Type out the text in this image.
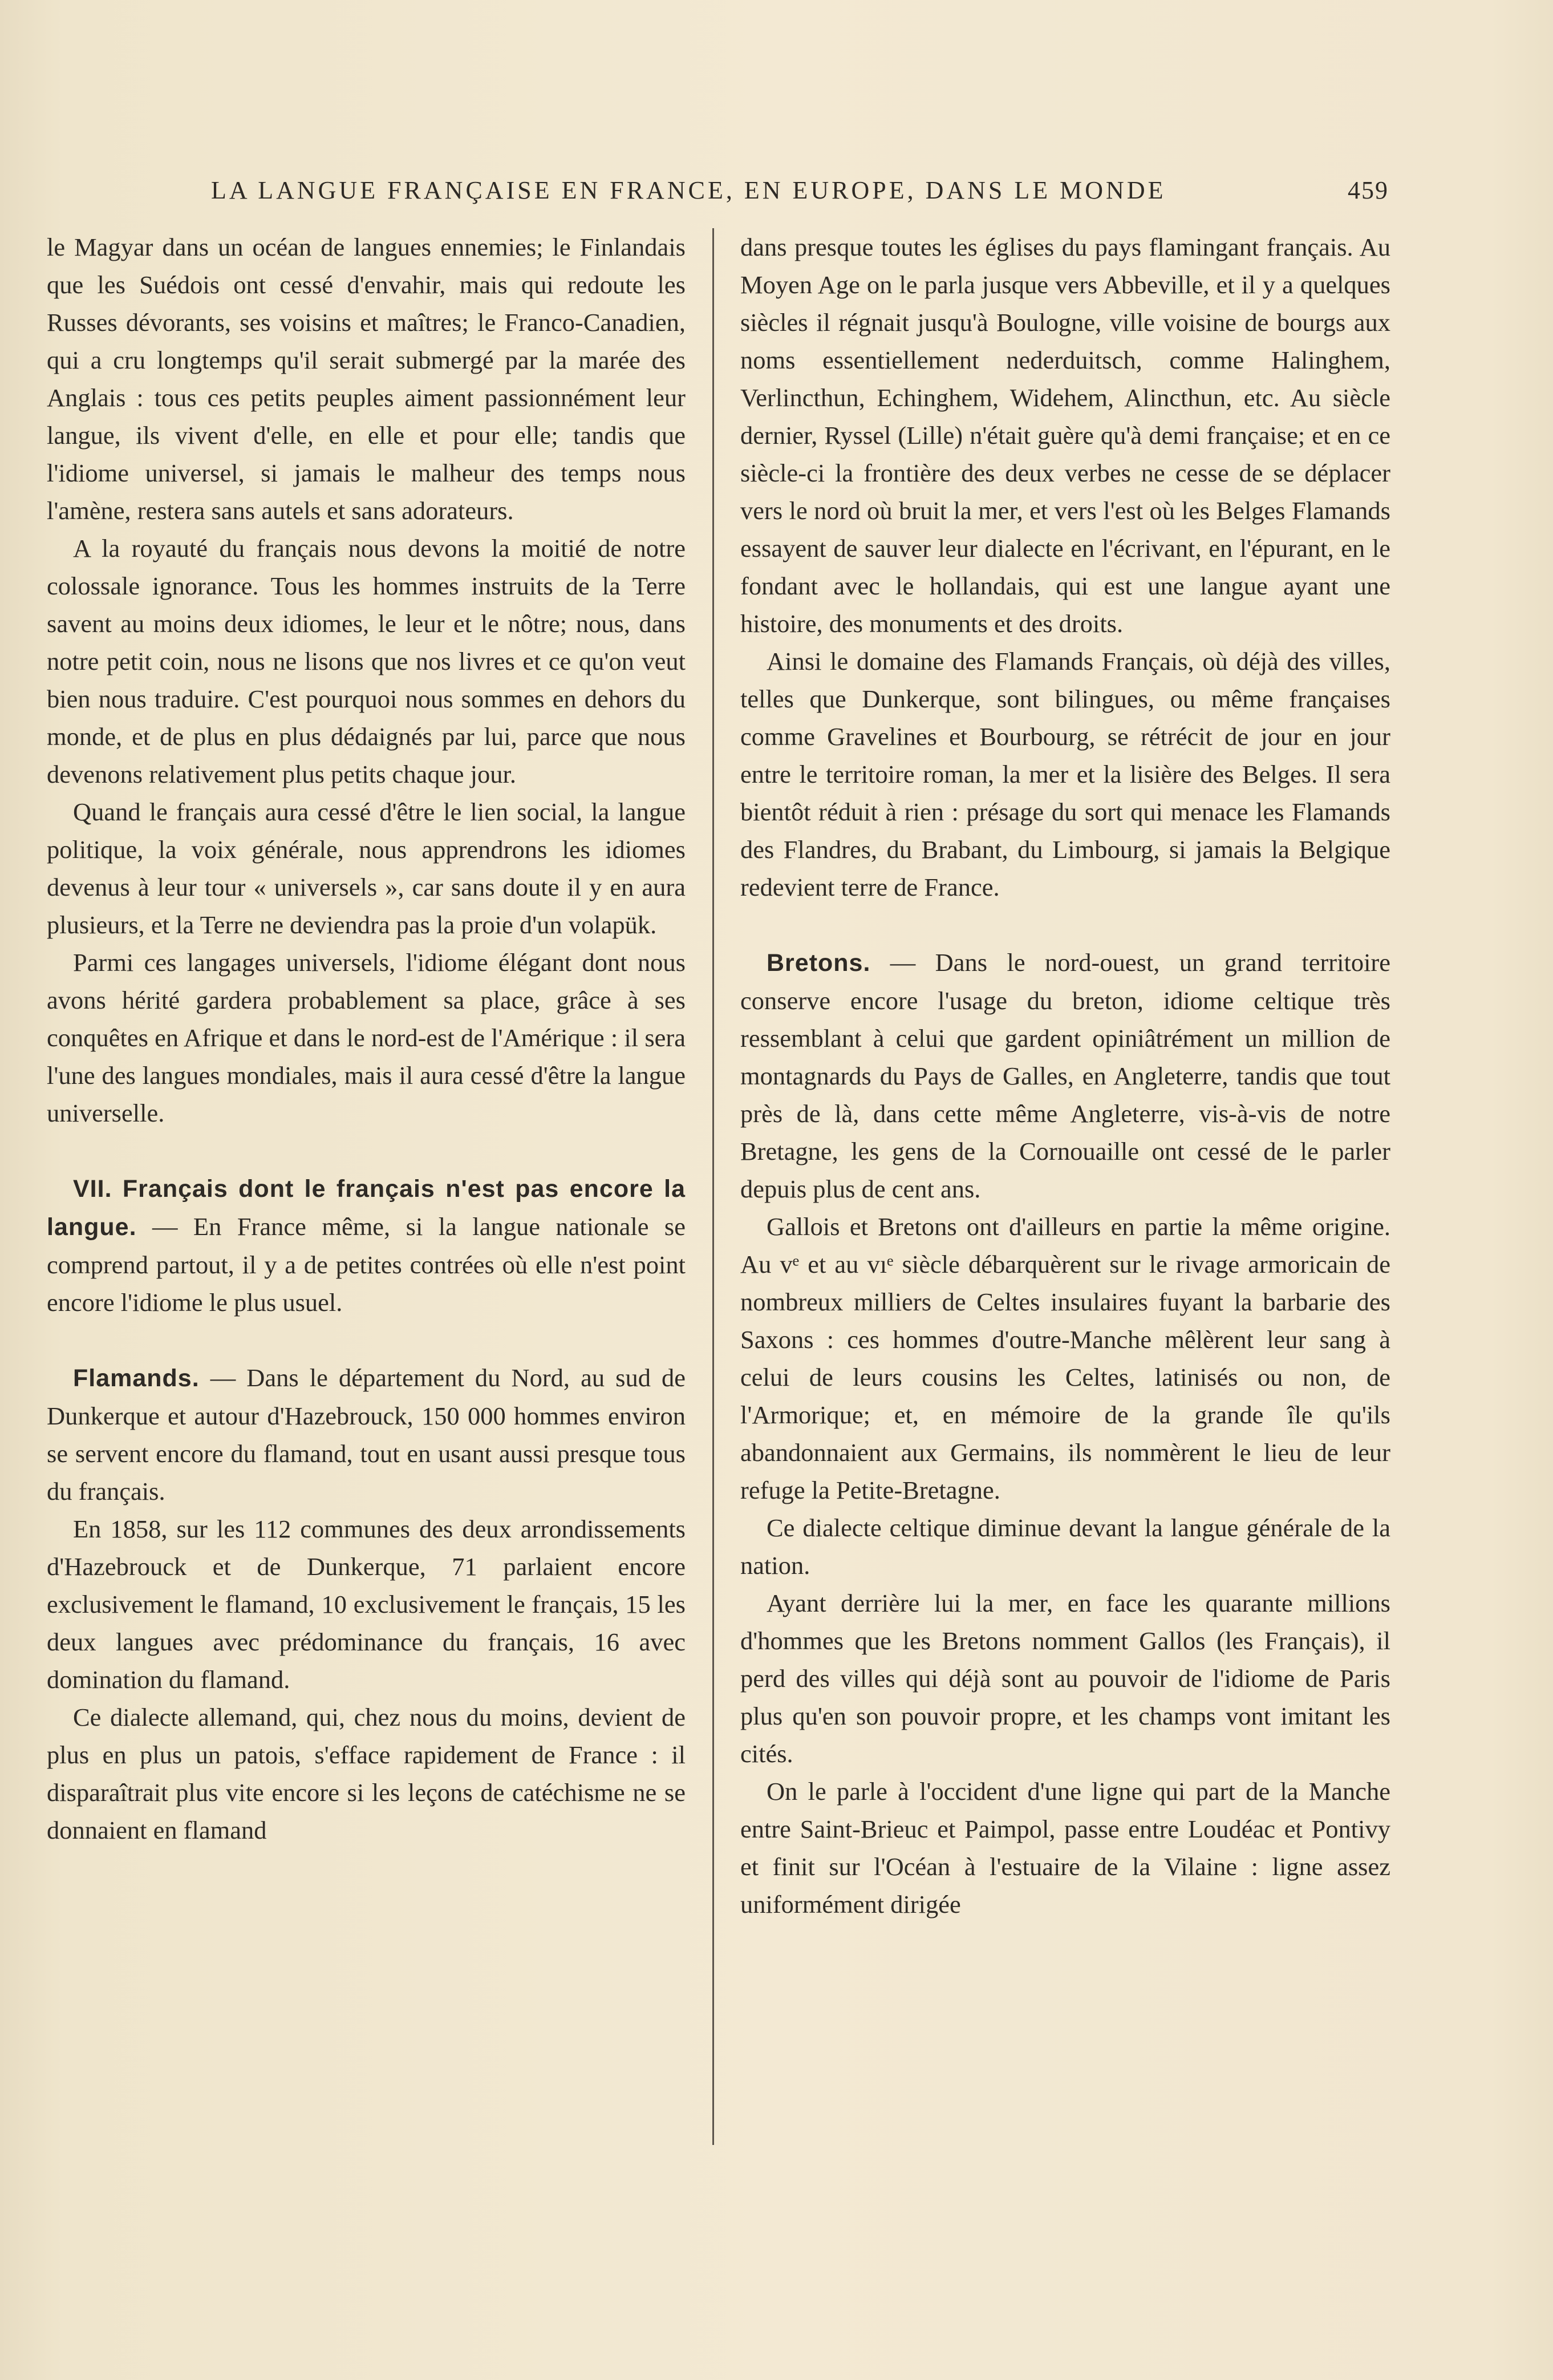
LA LANGUE FRANÇAISE EN FRANCE, EN EUROPE, DANS LE MONDE	459

le Magyar dans un océan de langues ennemies; le Finlandais que les Suédois ont cessé d'envahir, mais qui redoute les Russes dévorants, ses voisins et maîtres; le Franco-Canadien, qui a cru longtemps qu'il serait submergé par la marée des Anglais : tous ces petits peuples aiment passionnément leur langue, ils vivent d'elle, en elle et pour elle; tandis que l'idiome universel, si jamais le malheur des temps nous l'amène, restera sans autels et sans adorateurs.

A la royauté du français nous devons la moitié de notre colossale ignorance. Tous les hommes instruits de la Terre savent au moins deux idiomes, le leur et le nôtre; nous, dans notre petit coin, nous ne lisons que nos livres et ce qu'on veut bien nous traduire. C'est pourquoi nous sommes en dehors du monde, et de plus en plus dédaignés par lui, parce que nous devenons relativement plus petits chaque jour.

Quand le français aura cessé d'être le lien social, la langue politique, la voix générale, nous apprendrons les idiomes devenus à leur tour « universels », car sans doute il y en aura plusieurs, et la Terre ne deviendra pas la proie d'un volapük.

Parmi ces langages universels, l'idiome élégant dont nous avons hérité gardera probablement sa place, grâce à ses conquêtes en Afrique et dans le nord-est de l'Amérique : il sera l'une des langues mondiales, mais il aura cessé d'être la langue universelle.

VII. Français dont le français n'est pas encore la langue. — En France même, si la langue nationale se comprend partout, il y a de petites contrées où elle n'est point encore l'idiome le plus usuel.

Flamands. — Dans le département du Nord, au sud de Dunkerque et autour d'Hazebrouck, 150 000 hommes environ se servent encore du flamand, tout en usant aussi presque tous du français.

En 1858, sur les 112 communes des deux arrondissements d'Hazebrouck et de Dunkerque, 71 parlaient encore exclusivement le flamand, 10 exclusivement le français, 15 les deux langues avec prédominance du français, 16 avec domination du flamand.

Ce dialecte allemand, qui, chez nous du moins, devient de plus en plus un patois, s'efface rapidement de France : il disparaîtrait plus vite encore si les leçons de catéchisme ne se donnaient en flamand

dans presque toutes les églises du pays flamingant français. Au Moyen Age on le parla jusque vers Abbeville, et il y a quelques siècles il régnait jusqu'à Boulogne, ville voisine de bourgs aux noms essentiellement nederduitsch, comme Halinghem, Verlincthun, Echinghem, Widehem, Alincthun, etc. Au siècle dernier, Ryssel (Lille) n'était guère qu'à demi française; et en ce siècle-ci la frontière des deux verbes ne cesse de se déplacer vers le nord où bruit la mer, et vers l'est où les Belges Flamands essayent de sauver leur dialecte en l'écrivant, en l'épurant, en le fondant avec le hollandais, qui est une langue ayant une histoire, des monuments et des droits.

Ainsi le domaine des Flamands Français, où déjà des villes, telles que Dunkerque, sont bilingues, ou même françaises comme Gravelines et Bourbourg, se rétrécit de jour en jour entre le territoire roman, la mer et la lisière des Belges. Il sera bientôt réduit à rien : présage du sort qui menace les Flamands des Flandres, du Brabant, du Limbourg, si jamais la Belgique redevient terre de France.

Bretons. — Dans le nord-ouest, un grand territoire conserve encore l'usage du breton, idiome celtique très ressemblant à celui que gardent opiniâtrément un million de montagnards du Pays de Galles, en Angleterre, tandis que tout près de là, dans cette même Angleterre, vis-à-vis de notre Bretagne, les gens de la Cornouaille ont cessé de le parler depuis plus de cent ans.

Gallois et Bretons ont d'ailleurs en partie la même origine. Au vᵉ et au vıᵉ siècle débarquèrent sur le rivage armoricain de nombreux milliers de Celtes insulaires fuyant la barbarie des Saxons : ces hommes d'outre-Manche mêlèrent leur sang à celui de leurs cousins les Celtes, latinisés ou non, de l'Armorique; et, en mémoire de la grande île qu'ils abandonnaient aux Germains, ils nommèrent le lieu de leur refuge la Petite-Bretagne.

Ce dialecte celtique diminue devant la langue générale de la nation.

Ayant derrière lui la mer, en face les quarante millions d'hommes que les Bretons nomment Gallos (les Français), il perd des villes qui déjà sont au pouvoir de l'idiome de Paris plus qu'en son pouvoir propre, et les champs vont imitant les cités.

On le parle à l'occident d'une ligne qui part de la Manche entre Saint-Brieuc et Paimpol, passe entre Loudéac et Pontivy et finit sur l'Océan à l'estuaire de la Vilaine : ligne assez uniformément dirigée
